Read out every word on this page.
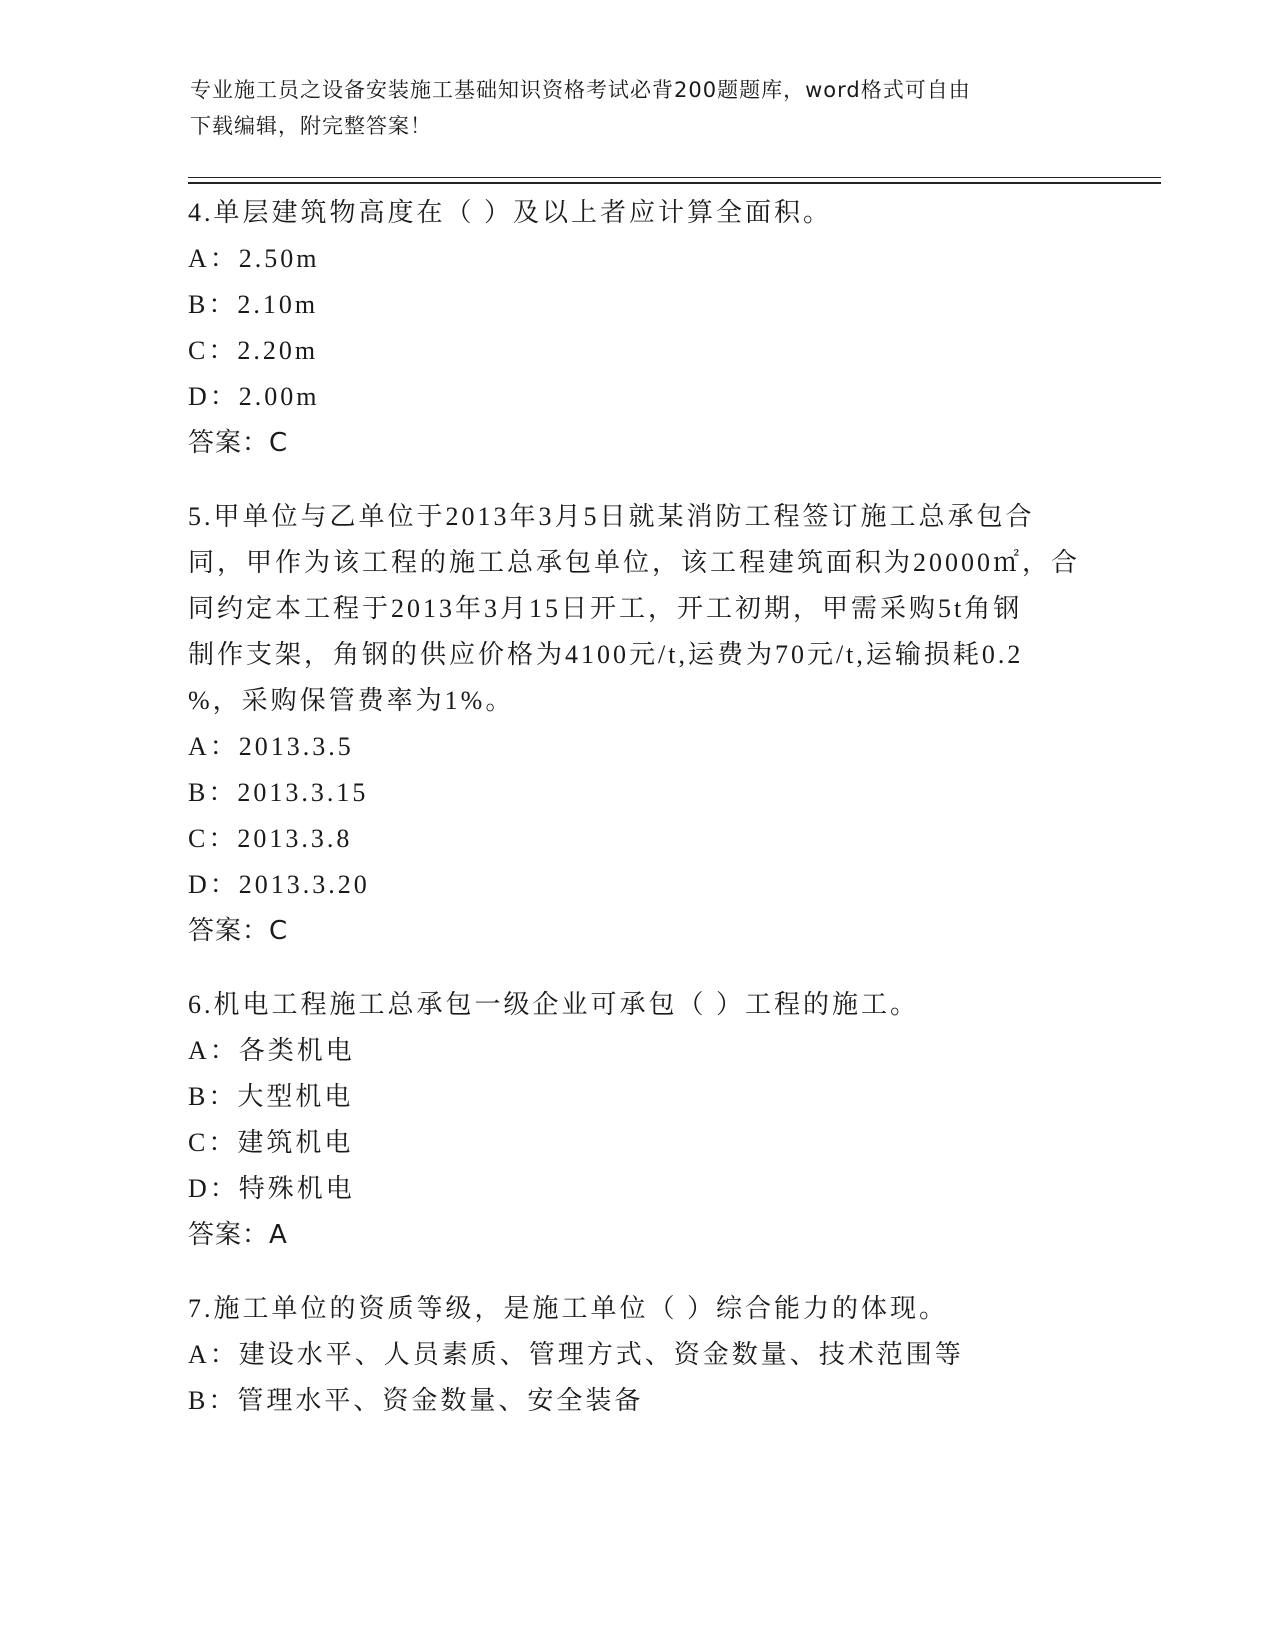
专业施工员之设备安装施工基础知识资格考试必背200题题库，word格式可自由
下载编辑，附完整答案！
4.单层建筑物高度在（ ）及以上者应计算全面积。
A：2.50m
B：2.10m
C：2.20m
D：2.00m
答案：C
5.甲单位与乙单位于2013年3月5日就某消防工程签订施工总承包合
同，甲作为该工程的施工总承包单位，该工程建筑面积为20000㎡，合
同约定本工程于2013年3月15日开工，开工初期，甲需采购5t角钢
制作支架，角钢的供应价格为4100元/t,运费为70元/t,运输损耗0.2
%，采购保管费率为1%。
A：2013.3.5
B：2013.3.15
C：2013.3.8
D：2013.3.20
答案：C
6.机电工程施工总承包一级企业可承包（ ）工程的施工。
A：各类机电
B：大型机电
C：建筑机电
D：特殊机电
答案：A
7.施工单位的资质等级，是施工单位（ ）综合能力的体现。
A：建设水平、人员素质、管理方式、资金数量、技术范围等
B：管理水平、资金数量、安全装备
